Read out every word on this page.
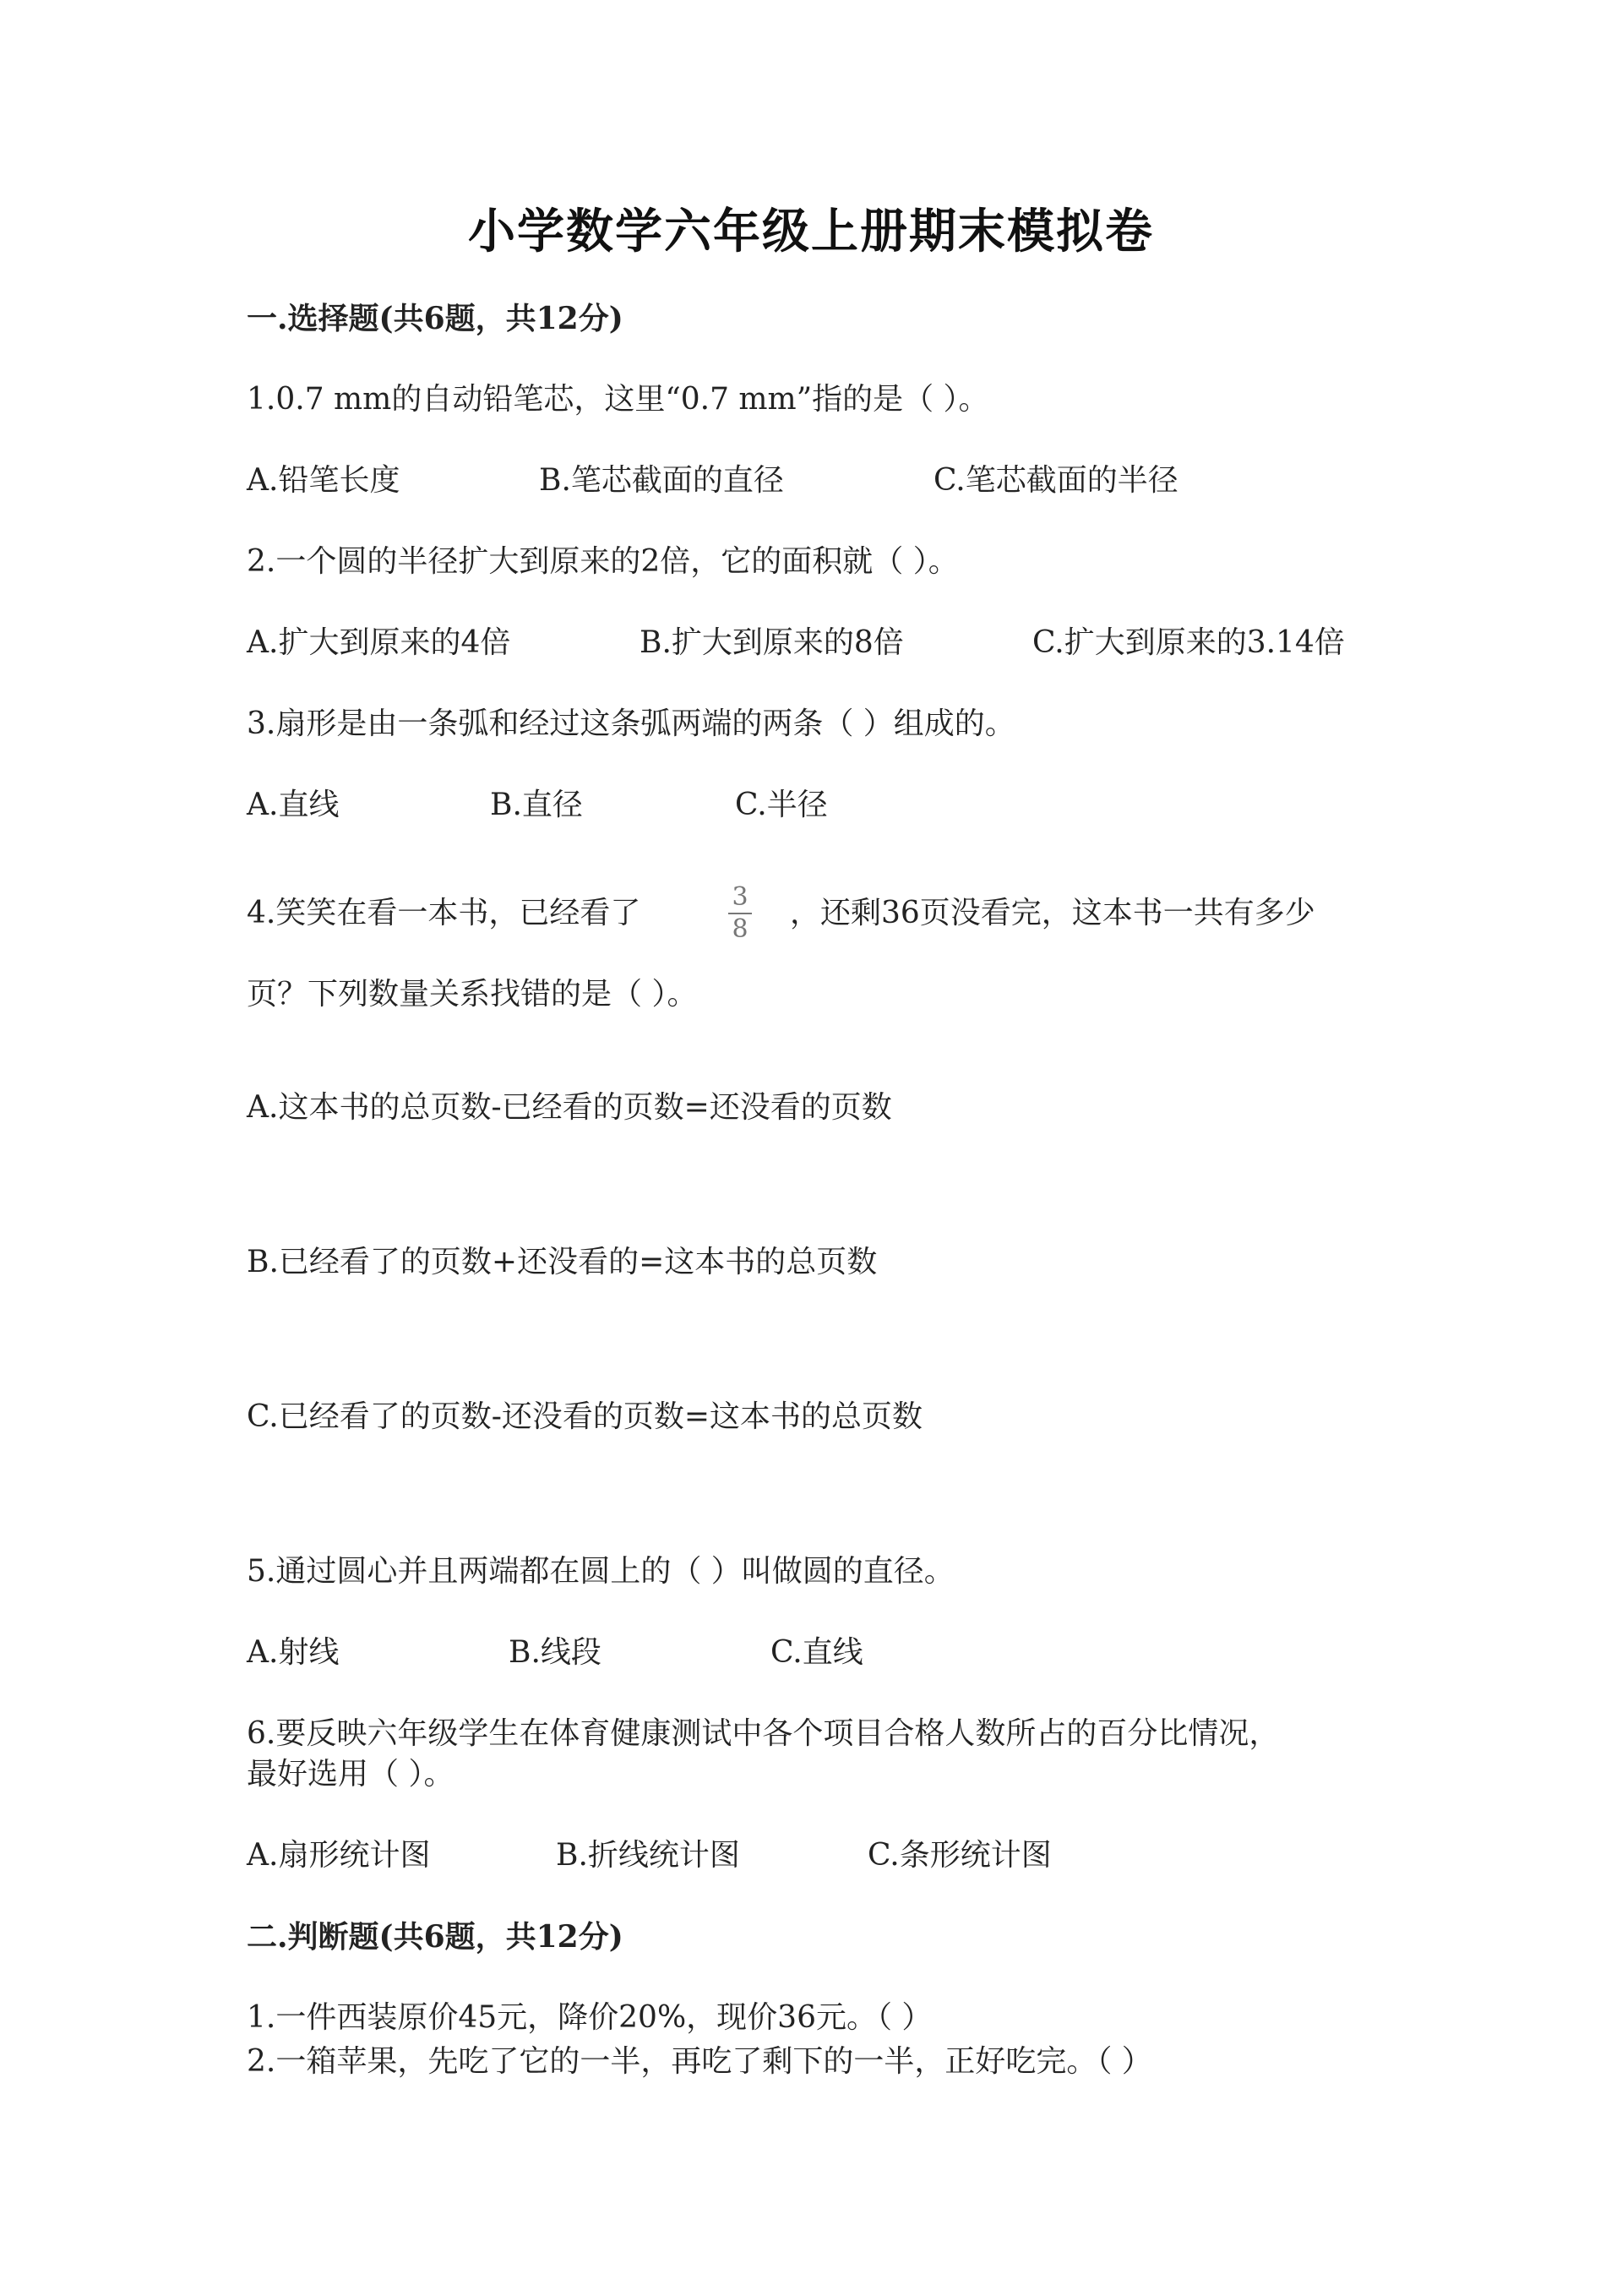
小学数学六年级上册期末模拟卷
一.选择题(共6题，共12分)
1.0.7 mm的自动铅笔芯，这里“0.7 mm”指的是（ ）。
A.铅笔长度	B.笔芯截面的直径	C.笔芯截面的半径
2.一个圆的半径扩大到原来的2倍，它的面积就（ ）。
A.扩大到原来的4倍	B.扩大到原来的8倍	C.扩大到原来的3.14倍
3.扇形是由一条弧和经过这条弧两端的两条（ ）组成的。
A.直线	B.直径	C.半径
4.笑笑在看一本书，已经看了	3
8 ，还剩36页没看完，这本书一共有多少
页？下列数量关系找错的是（ ）。
A.这本书的总页数-已经看的页数=还没看的页数
B.已经看了的页数+还没看的=这本书的总页数
C.已经看了的页数-还没看的页数=这本书的总页数
5.通过圆心并且两端都在圆上的（ ）叫做圆的直径。
A.射线	B.线段	C.直线
6.要反映六年级学生在体育健康测试中各个项目合格人数所占的百分比情况，
最好选用（ ）。
A.扇形统计图	B.折线统计图	C.条形统计图
二.判断题(共6题，共12分)
1.一件西装原价45元，降价20%，现价36元。（ ）
2.一箱苹果，先吃了它的一半，再吃了剩下的一半，正好吃完。（ ）
